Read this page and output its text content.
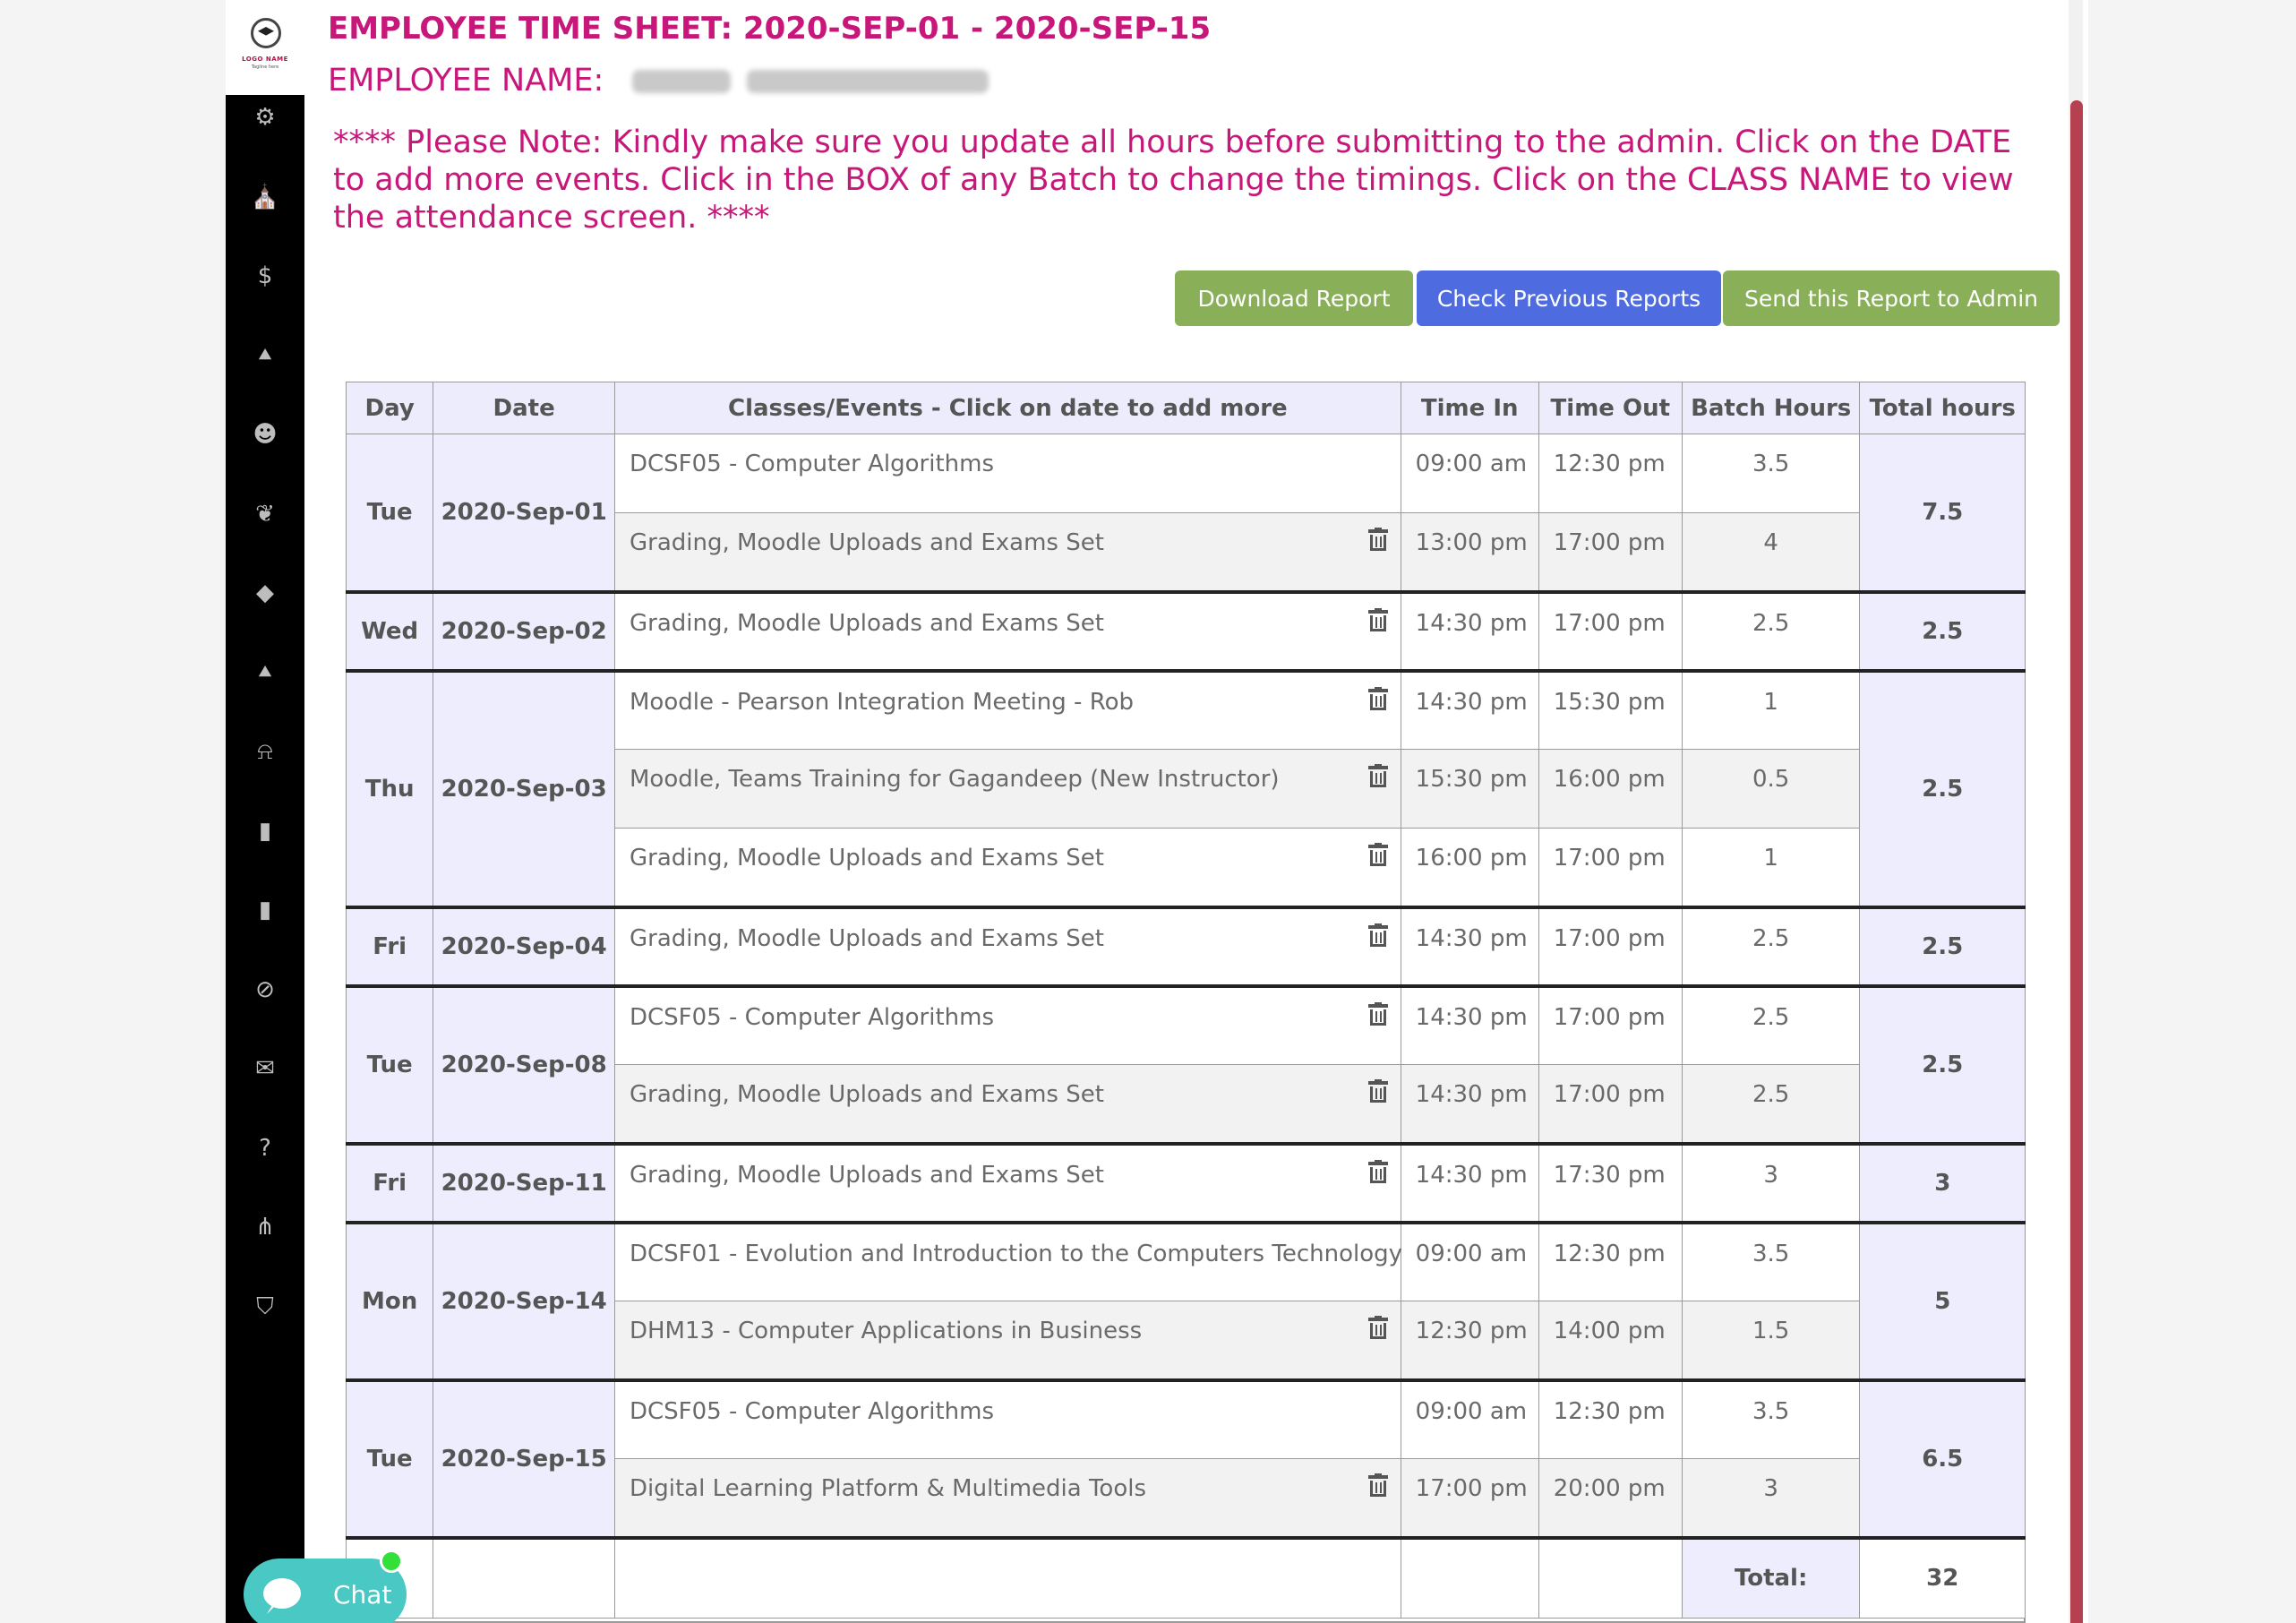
LOGO NAME
Tagline here
⚙
⛪
$
⯅
☻
❦
◆
⯅
⍾
▮
▮
⊘
✉
?
⋔
⛉
EMPLOYEE TIME SHEET: 2020-SEP-01 - 2020-SEP-15
EMPLOYEE NAME:
**** Please Note: Kindly make sure you update all hours before submitting to the admin. Click on the DATE to add more events. Click in the BOX of any Batch to change the timings. Click on the CLASS NAME to view the attendance screen. ****
Download Report	Check Previous Reports	Send this Report to Admin
Day	Date	Classes/Events - Click on date to add more	Time In	Time Out	Batch Hours	Total hours
Tue	2020-Sep-01	DCSF05 - Computer Algorithms	09:00 am	12:30 pm	3.5	7.5
		Grading, Moodle Uploads and Exams Set	13:00 pm	17:00 pm	4	
Wed	2020-Sep-02	Grading, Moodle Uploads and Exams Set	14:30 pm	17:00 pm	2.5	2.5
Thu	2020-Sep-03	Moodle - Pearson Integration Meeting - Rob	14:30 pm	15:30 pm	1	2.5
		Moodle, Teams Training for Gagandeep (New Instructor)	15:30 pm	16:00 pm	0.5	
		Grading, Moodle Uploads and Exams Set	16:00 pm	17:00 pm	1	
Fri	2020-Sep-04	Grading, Moodle Uploads and Exams Set	14:30 pm	17:00 pm	2.5	2.5
Tue	2020-Sep-08	DCSF05 - Computer Algorithms	14:30 pm	17:00 pm	2.5	2.5
		Grading, Moodle Uploads and Exams Set	14:30 pm	17:00 pm	2.5	
Fri	2020-Sep-11	Grading, Moodle Uploads and Exams Set	14:30 pm	17:30 pm	3	3
Mon	2020-Sep-14	DCSF01 - Evolution and Introduction to the Computers Technology	09:00 am	12:30 pm	3.5	5
		DHM13 - Computer Applications in Business	12:30 pm	14:00 pm	1.5	
Tue	2020-Sep-15	DCSF05 - Computer Algorithms	09:00 am	12:30 pm	3.5	6.5
		Digital Learning Platform & Multimedia Tools	17:00 pm	20:00 pm	3	
					Total:	32
Chat
